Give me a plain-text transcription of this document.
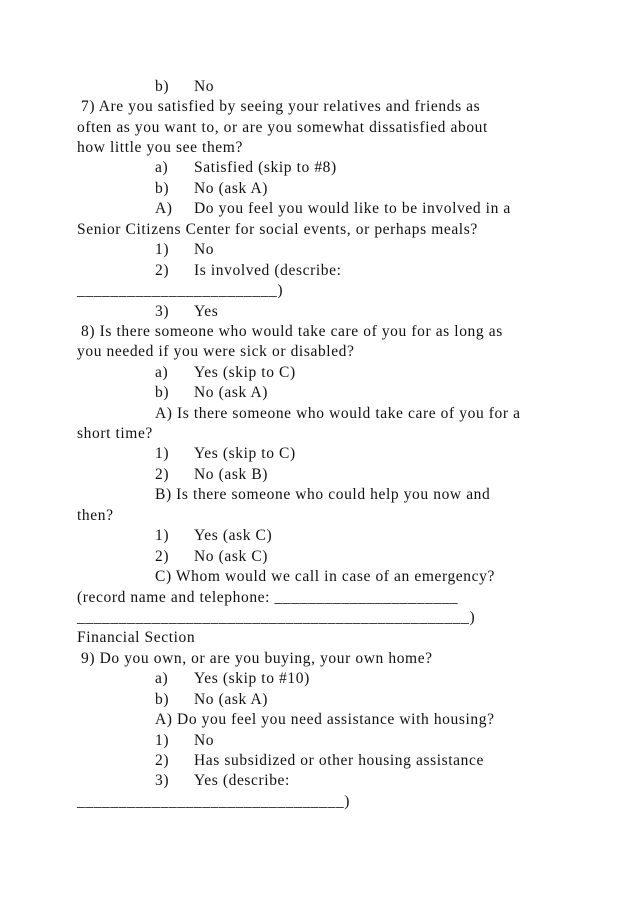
b) No
7) Are you satisfied by seeing your relatives and friends as
often as you want to, or are you somewhat dissatisfied about
how little you see them?
a) Satisfied (skip to #8)
b) No (ask A)
A) Do you feel you would like to be involved in a
Senior Citizens Center for social events, or perhaps meals?
1) No
2) Is involved (describe:
________________________)
3) Yes
8) Is there someone who would take care of you for as long as
you needed if you were sick or disabled?
a) Yes (skip to C)
b) No (ask A)
A) Is there someone who would take care of you for a
short time?
1) Yes (skip to C)
2) No (ask B)
B) Is there someone who could help you now and
then?
1) Yes (ask C)
2) No (ask C)
C) Whom would we call in case of an emergency?
(record name and telephone: ______________________
_______________________________________________)
Financial Section
9) Do you own, or are you buying, your own home?
a) Yes (skip to #10)
b) No (ask A)
A) Do you feel you need assistance with housing?
1) No
2) Has subsidized or other housing assistance
3) Yes (describe:
________________________________)
